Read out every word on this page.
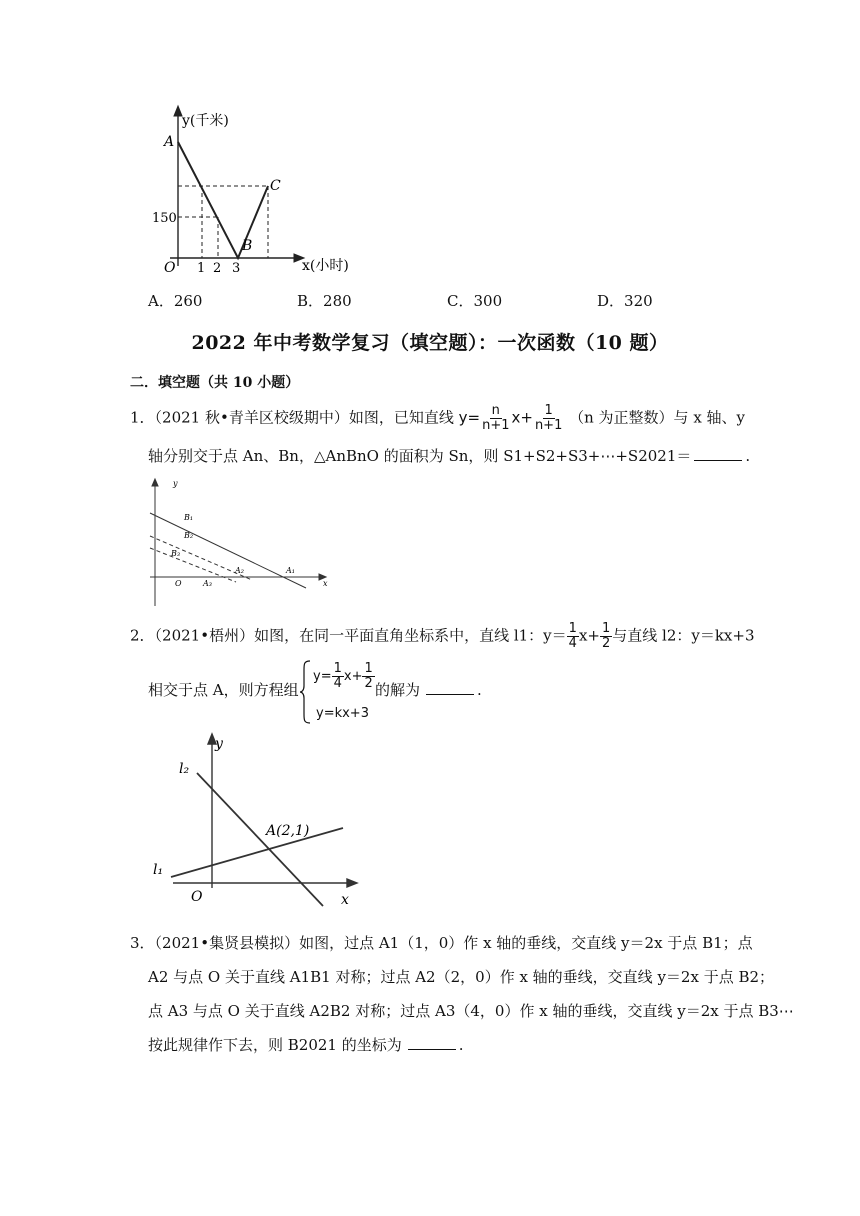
y(千米)
A
B
C
150
O 1 2 3	x(小时)
A．260	B．280	C．300	D．320
2022 年中考数学复习（填空题）：一次函数（10 题）
二．填空题（共 10 小题）
1．（2021 秋•青羊区校级期中）如图，已知直线 $y= \frac{n}{n+1} x+ \frac{1}{n+1} (n$ 为正整数）与 x 轴、y
轴分别交于点 An、Bn，△AnBnO 的面积为 Sn，则 S1+S2+S3+⋯+S2021＝	.
y
x
O
B₁
B₂
B₃
A₁
A₂
A₃
2．（2021•梧州）如图，在同一平面直角坐标系中，直线 l1：$y= \frac{1}{4} x+ \frac{1}{2}$ 与直线 l2：y＝kx+3
相交于点 A，则方程组
$y= \frac{1}{4} x+ \frac{1}{2}$ 的解为	.
y=kx+3
y
x
O
l₂
l₁
A(2,1)
3．（2021•集贤县模拟）如图，过点 A1（1，0）作 x 轴的垂线，交直线 y＝2x 于点 B1；点
A2 与点 O 关于直线 A1B1 对称；过点 A2（2，0）作 x 轴的垂线，交直线 y＝2x 于点 B2；
点 A3 与点 O 关于直线 A2B2 对称；过点 A3（4，0）作 x 轴的垂线，交直线 y＝2x 于点 B3⋯
按此规律作下去，则 B2021 的坐标为	.
